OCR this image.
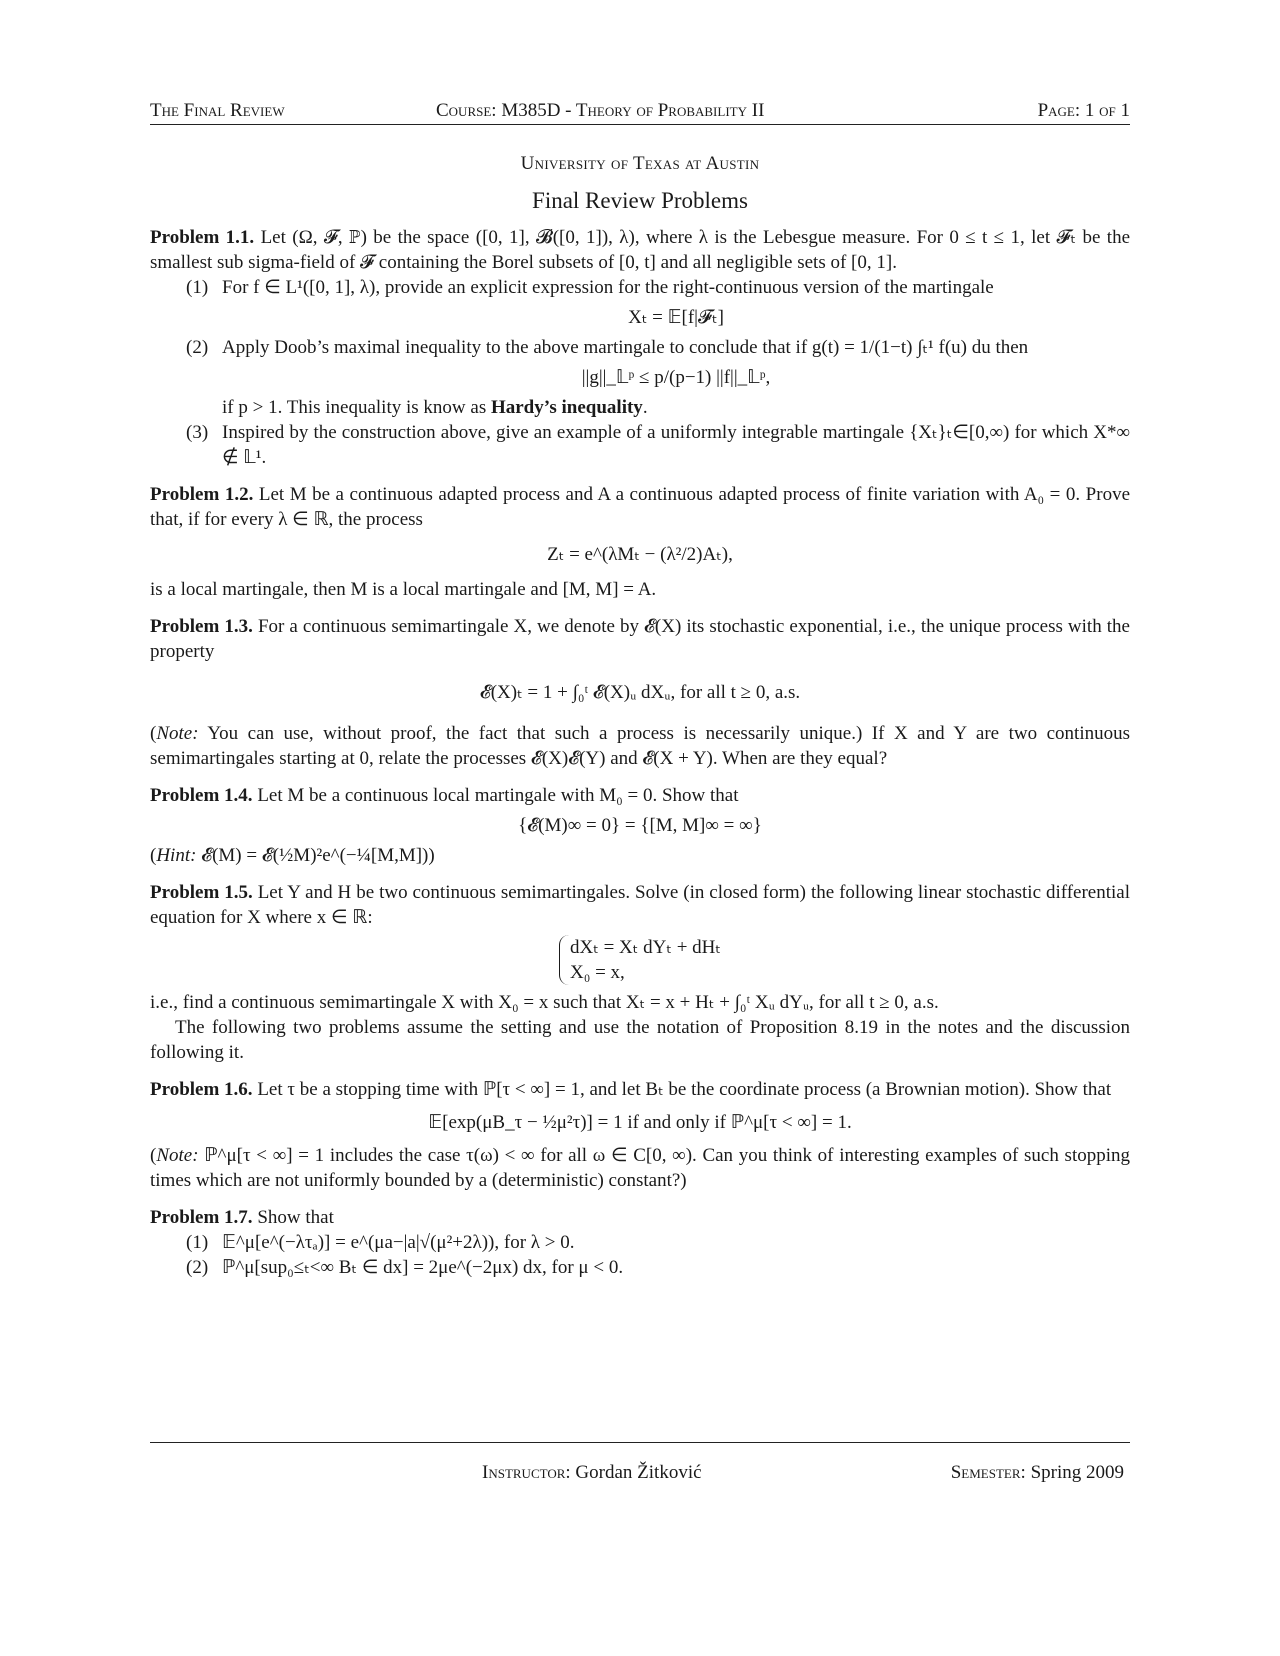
The Final Review	Course: M385D - Theory of Probability II	Page: 1 of 1
University of Texas at Austin
Final Review Problems

Problem 1.1. Let (Ω, 𝓕, ℙ) be the space ([0, 1], 𝓑([0, 1]), λ), where λ is the Lebesgue measure. For 0 ≤ t ≤ 1, let 𝓕ₜ be the smallest sub sigma-field of 𝓕 containing the Borel subsets of [0, t] and all negligible sets of [0, 1].

(1) For f ∈ L¹([0, 1], λ), provide an explicit expression for the right-continuous version of the martingale
Xₜ = 𝔼[f|𝓕ₜ]
(2) Apply Doob’s maximal inequality to the above martingale to conclude that if g(t) = 1/(1−t) ∫ₜ¹ f(u) du then
||g||_𝕃ᵖ ≤ p/(p−1) ||f||_𝕃ᵖ,
if p > 1. This inequality is know as Hardy’s inequality.
(3) Inspired by the construction above, give an example of a uniformly integrable martingale {Xₜ}ₜ∈[0,∞) for which X*∞ ∉ 𝕃¹.

Problem 1.2. Let M be a continuous adapted process and A a continuous adapted process of finite variation with A₀ = 0. Prove that, if for every λ ∈ ℝ, the process

Zₜ = e^(λMₜ − (λ²/2)Aₜ),

is a local martingale, then M is a local martingale and [M, M] = A.

Problem 1.3. For a continuous semimartingale X, we denote by 𝓔(X) its stochastic exponential, i.e., the unique process with the property

𝓔(X)ₜ = 1 + ∫₀ᵗ 𝓔(X)ᵤ dXᵤ, for all t ≥ 0, a.s.

(Note: You can use, without proof, the fact that such a process is necessarily unique.) If X and Y are two continuous semimartingales starting at 0, relate the processes 𝓔(X)𝓔(Y) and 𝓔(X + Y). When are they equal?

Problem 1.4. Let M be a continuous local martingale with M₀ = 0. Show that

{𝓔(M)∞ = 0} = {[M, M]∞ = ∞}

(Hint: 𝓔(M) = 𝓔(½M)²e^(−¼[M,M]))

Problem 1.5. Let Y and H be two continuous semimartingales. Solve (in closed form) the following linear stochastic differential equation for X where x ∈ ℝ:

dXₜ = Xₜ dYₜ + dHₜ
X₀ = x,

i.e., find a continuous semimartingale X with X₀ = x such that Xₜ = x + Hₜ + ∫₀ᵗ Xᵤ dYᵤ, for all t ≥ 0, a.s.

The following two problems assume the setting and use the notation of Proposition 8.19 in the notes and the discussion following it.

Problem 1.6. Let τ be a stopping time with ℙ[τ < ∞] = 1, and let Bₜ be the coordinate process (a Brownian motion). Show that

𝔼[exp(μB_τ − ½μ²τ)] = 1 if and only if ℙ^μ[τ < ∞] = 1.

(Note: ℙ^μ[τ < ∞] = 1 includes the case τ(ω) < ∞ for all ω ∈ C[0, ∞). Can you think of interesting examples of such stopping times which are not uniformly bounded by a (deterministic) constant?)

Problem 1.7. Show that

(1) 𝔼^μ[e^(−λτₐ)] = e^(μa−|a|√(μ²+2λ)), for λ > 0.
(2) ℙ^μ[sup₀≤ₜ<∞ Bₜ ∈ dx] = 2μe^(−2μx) dx, for μ < 0.
Instructor: Gordan Žitković	Semester: Spring 2009
